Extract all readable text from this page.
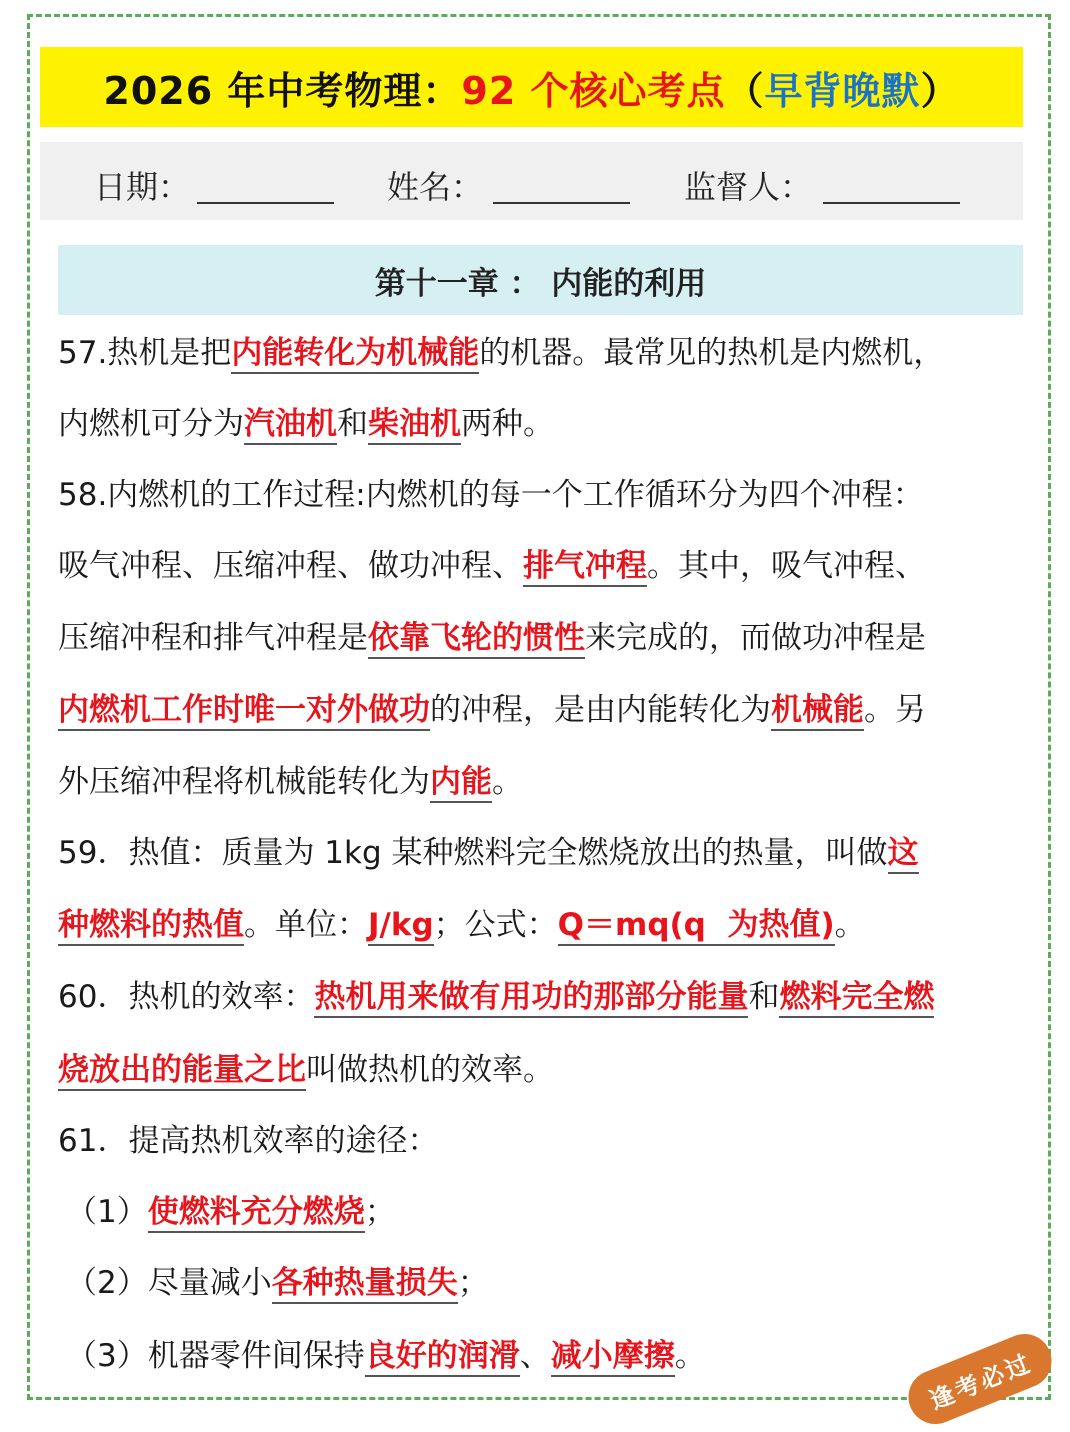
2026 年中考物理： 92 个核心考点 （ 早背晚默 ）
日期：	姓名：	监督人：
第十一章 ： 内能的利用
57.热机是把内能转化为机械能的机器。最常见的热机是内燃机，
内燃机可分为汽油机和柴油机两种。
58.内燃机的工作过程:内燃机的每一个工作循环分为四个冲程：
吸气冲程、压缩冲程、做功冲程、排气冲程。其中，吸气冲程、
压缩冲程和排气冲程是依靠飞轮的惯性来完成的，而做功冲程是
内燃机工作时唯一对外做功的冲程，是由内能转化为机械能。另
外压缩冲程将机械能转化为内能。
59．热值：质量为 1kg 某种燃料完全燃烧放出的热量，叫做这
种燃料的热值。单位：J/kg；公式：Q＝mq(q  为热值)。
60．热机的效率：热机用来做有用功的那部分能量和燃料完全燃
烧放出的能量之比叫做热机的效率。
61．提高热机效率的途径：
（1）使燃料充分燃烧；
（2）尽量减小各种热量损失；
（3）机器零件间保持良好的润滑、减小摩擦。	逢考必过
